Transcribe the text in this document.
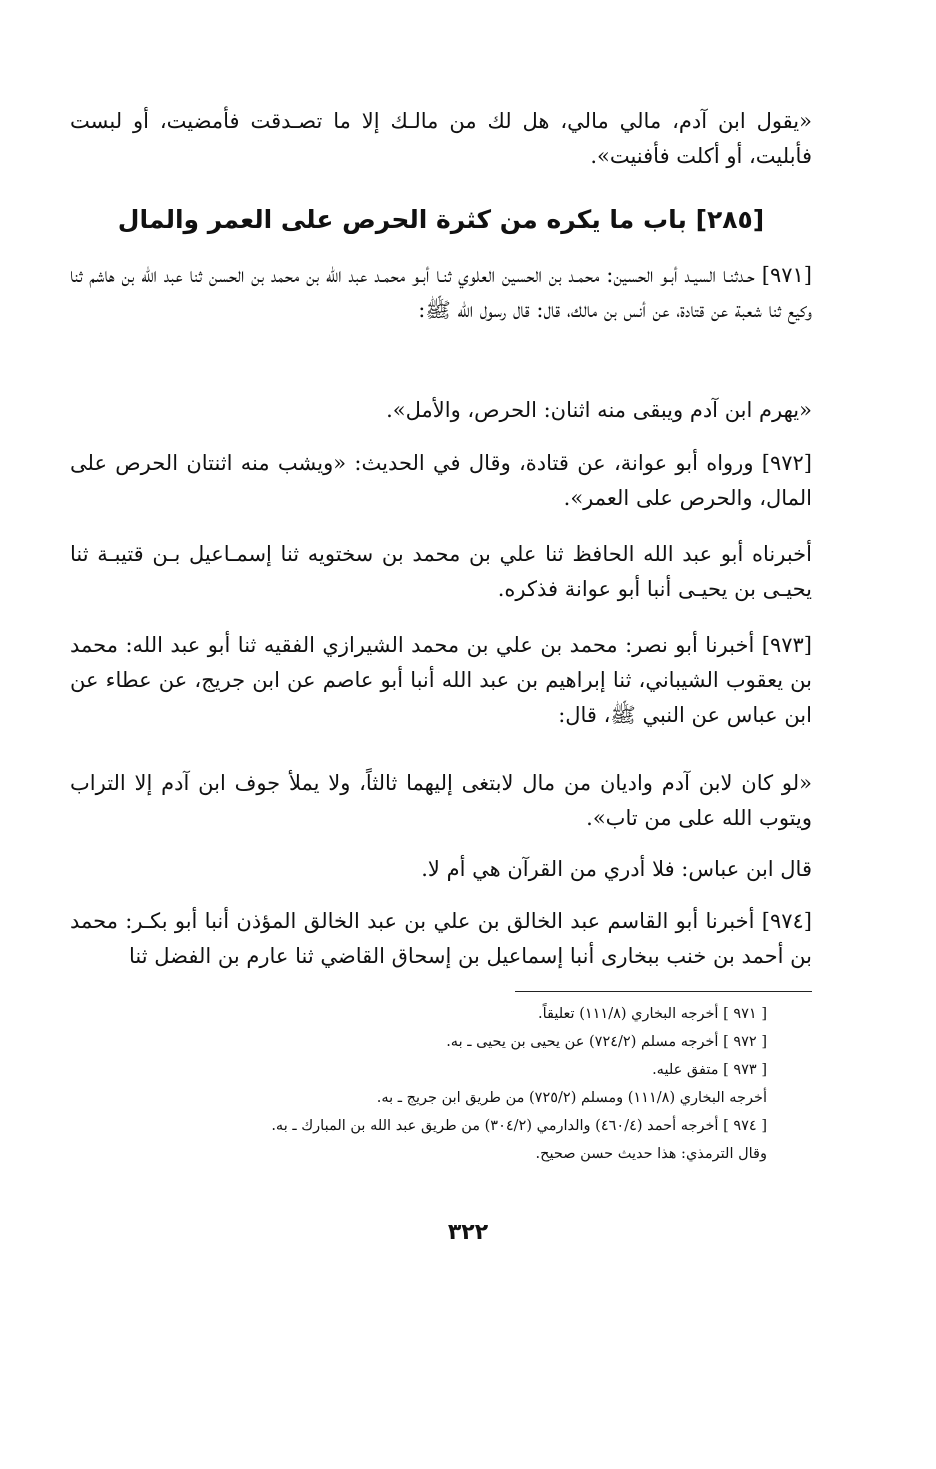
«يقول ابن آدم، مالي مالي، هل لك من مالـك إلا ما تصـدقت فأمضيت، أو لبست فأبليت، أو أكلت فأفنيت».

[٢٨٥] باب ما يكره من كثرة الحرص على العمر والمال

[٩٧١] حـدثنـا السيـد أبـو الحسين: محمـد بن الحسين العلوي ثنـا أبـو محمـد عبد الله بن محمد بن الحسن ثنا عبد الله بن هاشم ثنا وكيع ثنا شعبة عن قتادة، عن أنس بن مالك، قال: قال رسول الله ﷺ:

«يهرم ابن آدم ويبقى منه اثنان: الحرص، والأمل».

[٩٧٢] ورواه أبو عوانة، عن قتادة، وقال في الحديث: «ويشب منه اثنتان الحرص على المال، والحرص على العمر».

أخبرناه أبو عبد الله الحافظ ثنا علي بن محمد بن سختويه ثنا إسمـاعيل بـن قتيبـة ثنا يحيـى بن يحيـى أنبا أبو عوانة فذكره.

[٩٧٣] أخبرنا أبو نصر: محمد بن علي بن محمد الشيرازي الفقيه ثنا أبو عبد الله: محمد بن يعقوب الشيباني، ثنا إبراهيم بن عبد الله أنبا أبو عاصم عن ابن جريج، عن عطاء عن ابن عباس عن النبي ﷺ، قال:

«لو كان لابن آدم واديان من مال لابتغى إليهما ثالثاً، ولا يملأ جوف ابن آدم إلا التراب ويتوب الله على من تاب».

قال ابن عباس: فلا أدري من القرآن هي أم لا.

[٩٧٤] أخبرنا أبو القاسم عبد الخالق بن علي بن عبد الخالق المؤذن أنبا أبو بكـر: محمد بن أحمد بن خنب ببخارى أنبا إسماعيل بن إسحاق القاضي ثنا عارم بن الفضل ثنا

[ ٩٧١ ] أخرجه البخاري (١١١/٨) تعليقاً.
[ ٩٧٢ ] أخرجه مسلم (٧٢٤/٢) عن يحيى بن يحيى ـ به.
[ ٩٧٣ ] متفق عليه.
أخرجه البخاري (١١١/٨) ومسلم (٧٢٥/٢) من طريق ابن جريج ـ به.
[ ٩٧٤ ] أخرجه أحمد (٤٦٠/٤) والدارمي (٣٠٤/٢) من طريق عبد الله بن المبارك ـ به.
وقال الترمذي: هذا حديث حسن صحيح.
٣٢٢
